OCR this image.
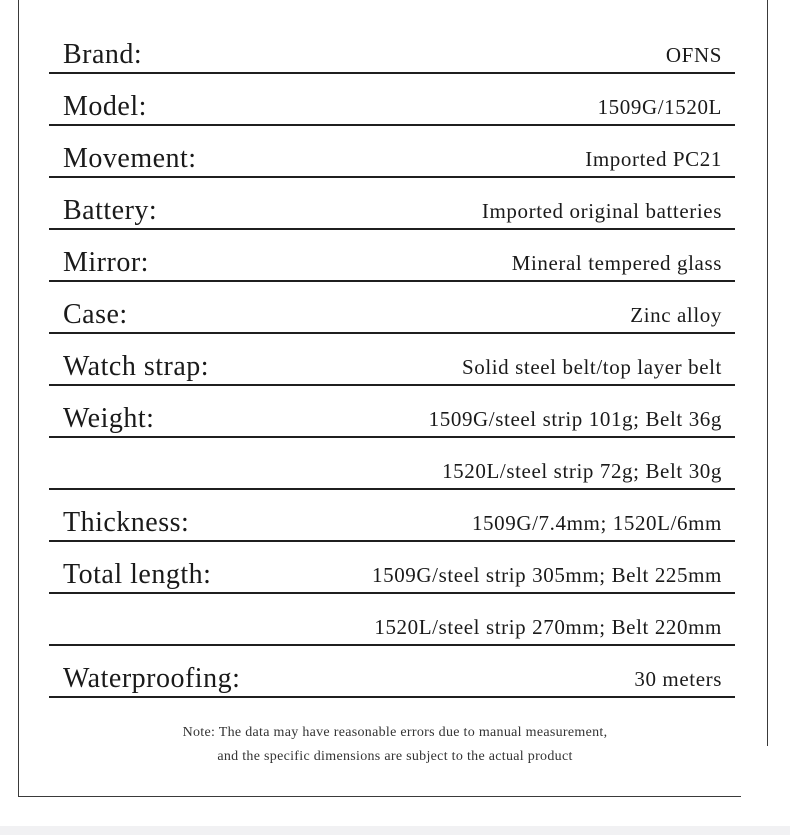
Brand:	OFNS
Model:	1509G/1520L
Movement:	Imported PC21
Battery:	Imported original batteries
Mirror:	Mineral tempered glass
Case:	Zinc alloy
Watch strap:	Solid steel belt/top layer belt
Weight:	1509G/steel strip 101g; Belt 36g
1520L/steel strip 72g; Belt 30g
Thickness:	1509G/7.4mm; 1520L/6mm
Total length:	1509G/steel strip 305mm; Belt 225mm
1520L/steel strip 270mm; Belt 220mm
Waterproofing:	30 meters
Note: The data may have reasonable errors due to manual measurement,
and the specific dimensions are subject to the actual product
